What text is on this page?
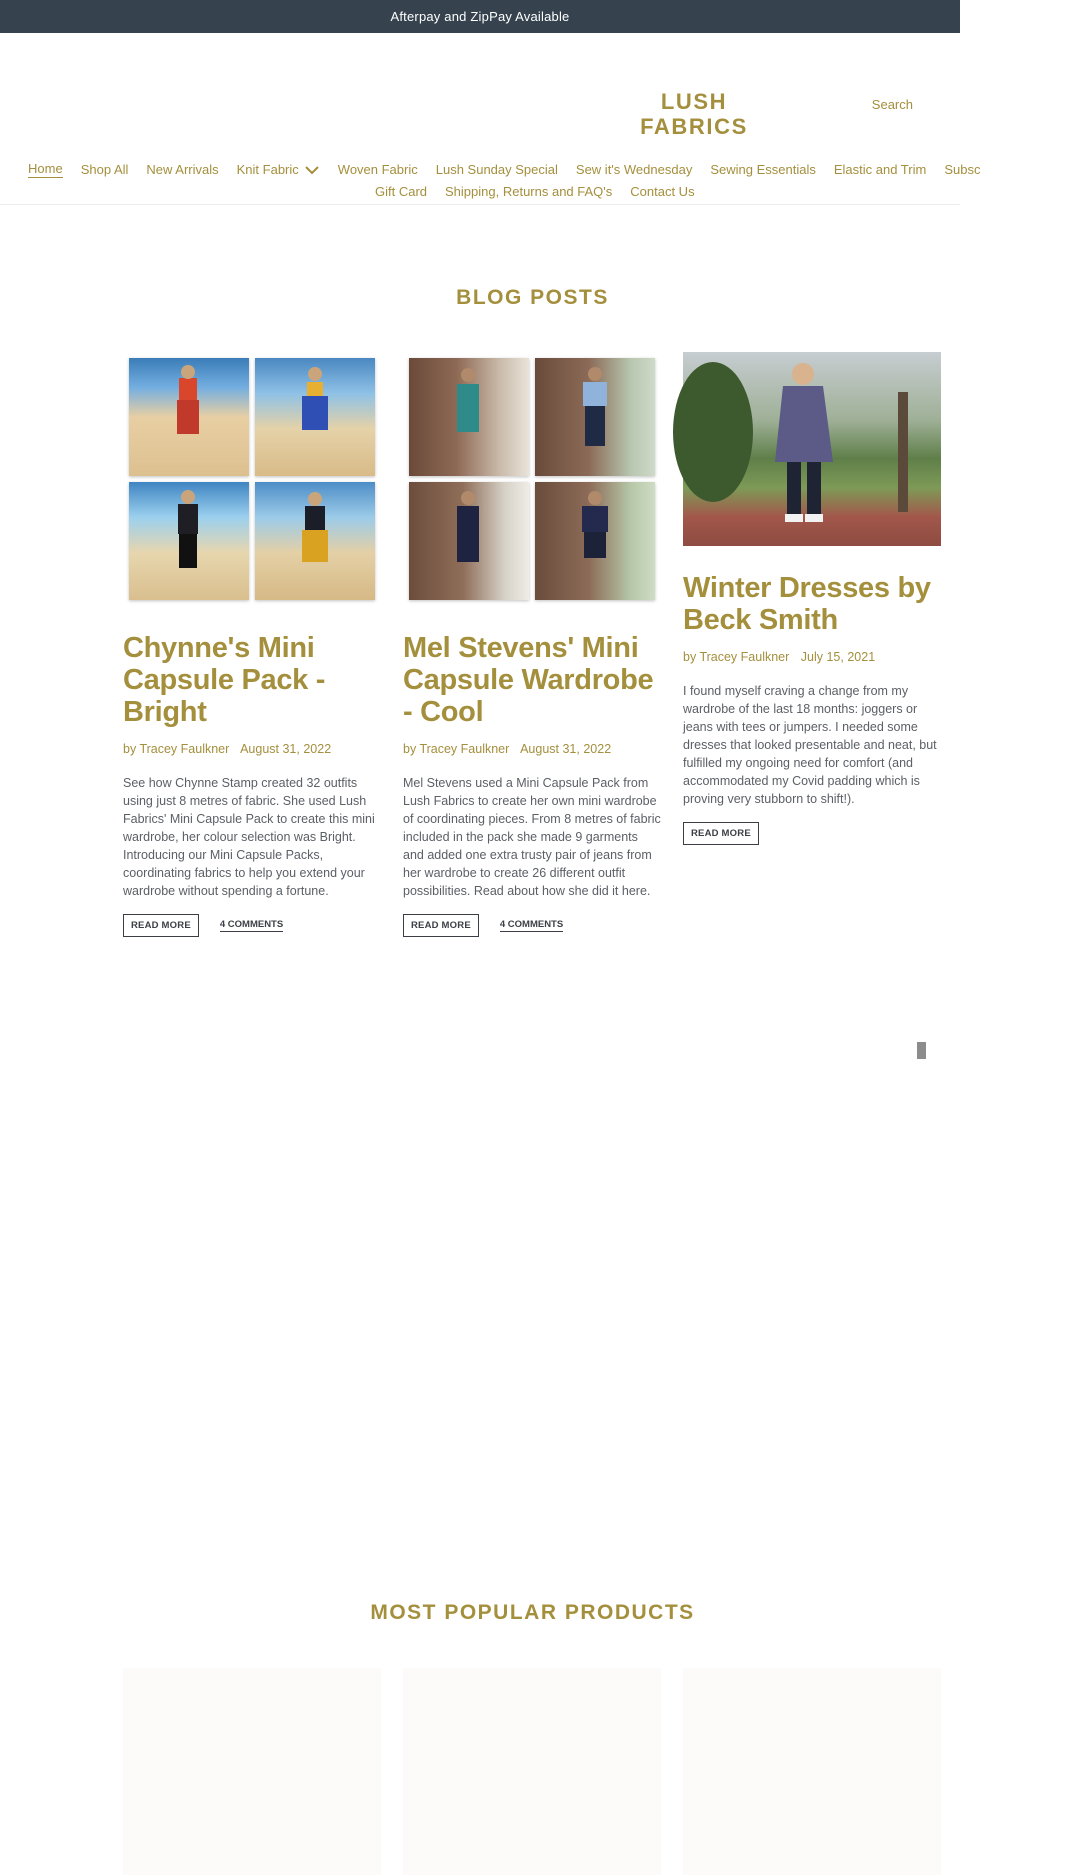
Afterpay and ZipPay Available
LUSH
FABRICS
Search
Home Shop All New Arrivals Knit Fabric	Woven Fabric Lush Sunday Special Sew it's Wednesday Sewing Essentials Elastic and Trim Subsc
Gift Card Shipping, Returns and FAQ's Contact Us
BLOG POSTS
Chynne's Mini Capsule Pack - Bright
by Tracey Faulkner August 31, 2022

See how Chynne Stamp created 32 outfits using just 8 metres of fabric. She used Lush Fabrics' Mini Capsule Pack to create this mini wardrobe, her colour selection was Bright. Introducing our Mini Capsule Packs, coordinating fabrics to help you extend your wardrobe without spending a fortune.

READ MORE	4 COMMENTS
Mel Stevens' Mini Capsule Wardrobe - Cool
by Tracey Faulkner August 31, 2022

Mel Stevens used a Mini Capsule Pack from Lush Fabrics to create her own mini wardrobe of coordinating pieces. From 8 metres of fabric included in the pack she made 9 garments and added one extra trusty pair of jeans from her wardrobe to create 26 different outfit possibilities. Read about how she did it here.

READ MORE	4 COMMENTS
Winter Dresses by Beck Smith
by Tracey Faulkner July 15, 2021

I found myself craving a change from my wardrobe of the last 18 months: joggers or jeans with tees or jumpers. I needed some dresses that looked presentable and neat, but fulfilled my ongoing need for comfort (and accommodated my Covid padding which is proving very stubborn to shift!).

READ MORE
MOST POPULAR PRODUCTS
